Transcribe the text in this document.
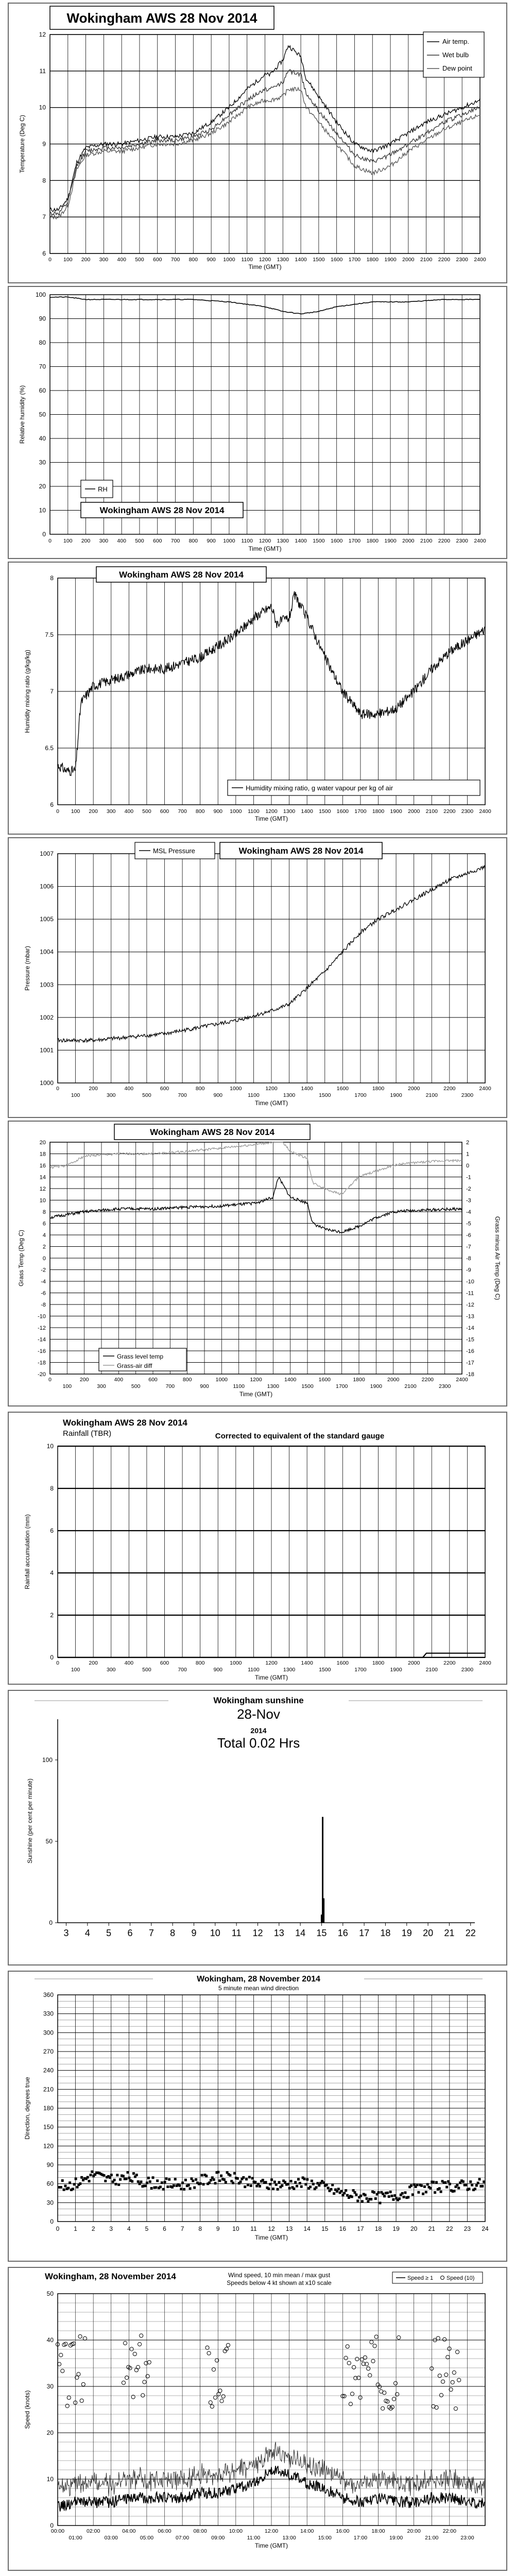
6
7
8
9
10
11
12
0 100 200 300 400 500 600 700 800 900 1000 1100 1200 1300 1400 1500 1600 1700 1800 1900 2000 2100 2200 2300 2400
Time (GMT)
Temperature (Deg C)
Wokingham AWS 28 Nov 2014
Air temp.
Wet bulb
Dew point
0
10
20
30
40
50
60
70
80
90
100
0 100 200 300 400 500 600 700 800 900 1000 1100 1200 1300 1400 1500 1600 1700 1800 1900 2000 2100 2200 2300 2400
Time (GMT)
Relative humidity (%)
RH
Wokingham AWS 28 Nov 2014
6
6.5
7
7.5
8
0 100 200 300 400 500 600 700 800 900 1000 1100 1200 1300 1400 1500 1600 1700 1800 1900 2000 2100 2200 2300 2400
Time (GMT)
Humidity mixing ratio (g/kg/kg)
Wokingham AWS 28 Nov 2014
Humidity mixing ratio, g water vapour per kg of air
1000
1001
1002
1003
1004
1005
1006
1007
0	200	400	600	800	1000	1200	1400	1600	1800	2000	2200	2400
100	300	500	700	900	1100	1300	1500	1700	1900	2100	2300
Time (GMT)
Pressure (mbar)
MSL Pressure	Wokingham AWS 28 Nov 2014
-20
-18
-16
-14
-12
-10
-8
-6
-4
-2
0
2
4
6
8
10
12
14
16
18
20
-18
-17
-16
-15
-14
-13
-12
-11
-10
-9
-8
-7
-6
-5
-4
-3
-2
-1
0
1
2
0	200	400	600	800	1000	1200	1400	1600	1800	2000	2200	2400
100	300	500	700	900	1100	1300	1500	1700	1900	2100	2300
Time (GMT)
Grass Temp (Deg C)	Grass minus Air Temp (Deg C)
Wokingham AWS 28 Nov 2014
Grass level temp
Grass-air diff
0
2
4
6
8
10
0	200	400	600	800	1000	1200	1400	1600	1800	2000	2200	2400
100	300	500	700	900	1100	1300	1500	1700	1900	2100	2300
Time (GMT)
Rainfall accumulation (mm)
Wokingham AWS 28 Nov 2014
Rainfall (TBR)	Corrected to equivalent of the standard gauge
0
50
100
Sunshine (per cent per minute)
3 4 5 6 7 8 9 10 11 12 13 14 15 16 17 18 19 20 21 22
Wokingham sunshine
28-Nov
2014
Total 0.02 Hrs
0
30
60
90
120
150
180
210
240
270
300
330
360
0 1 2 3 4 5 6 7 8 9 10 11 12 13 14 15 16 17 18 19 20 21 22 23 24
Time (GMT)
Direction, degrees true
Wokingham, 28 November 2014
5 minute mean wind direction
0
10
20
30
40
50
00:00	02:00	04:00	06:00	08:00	10:00	12:00	14:00	16:00	18:00	20:00	22:00
01:00	03:00	05:00	07:00	09:00	11:00	13:00	15:00	17:00	19:00	21:00	23:00
Time (GMT)
Speed (knots)
Wokingham, 28 November 2014	Wind speed, 10 min mean / max gust
Speeds below 4 kt shown at x10 scale
Speed ≥ 1 Speed (10)
